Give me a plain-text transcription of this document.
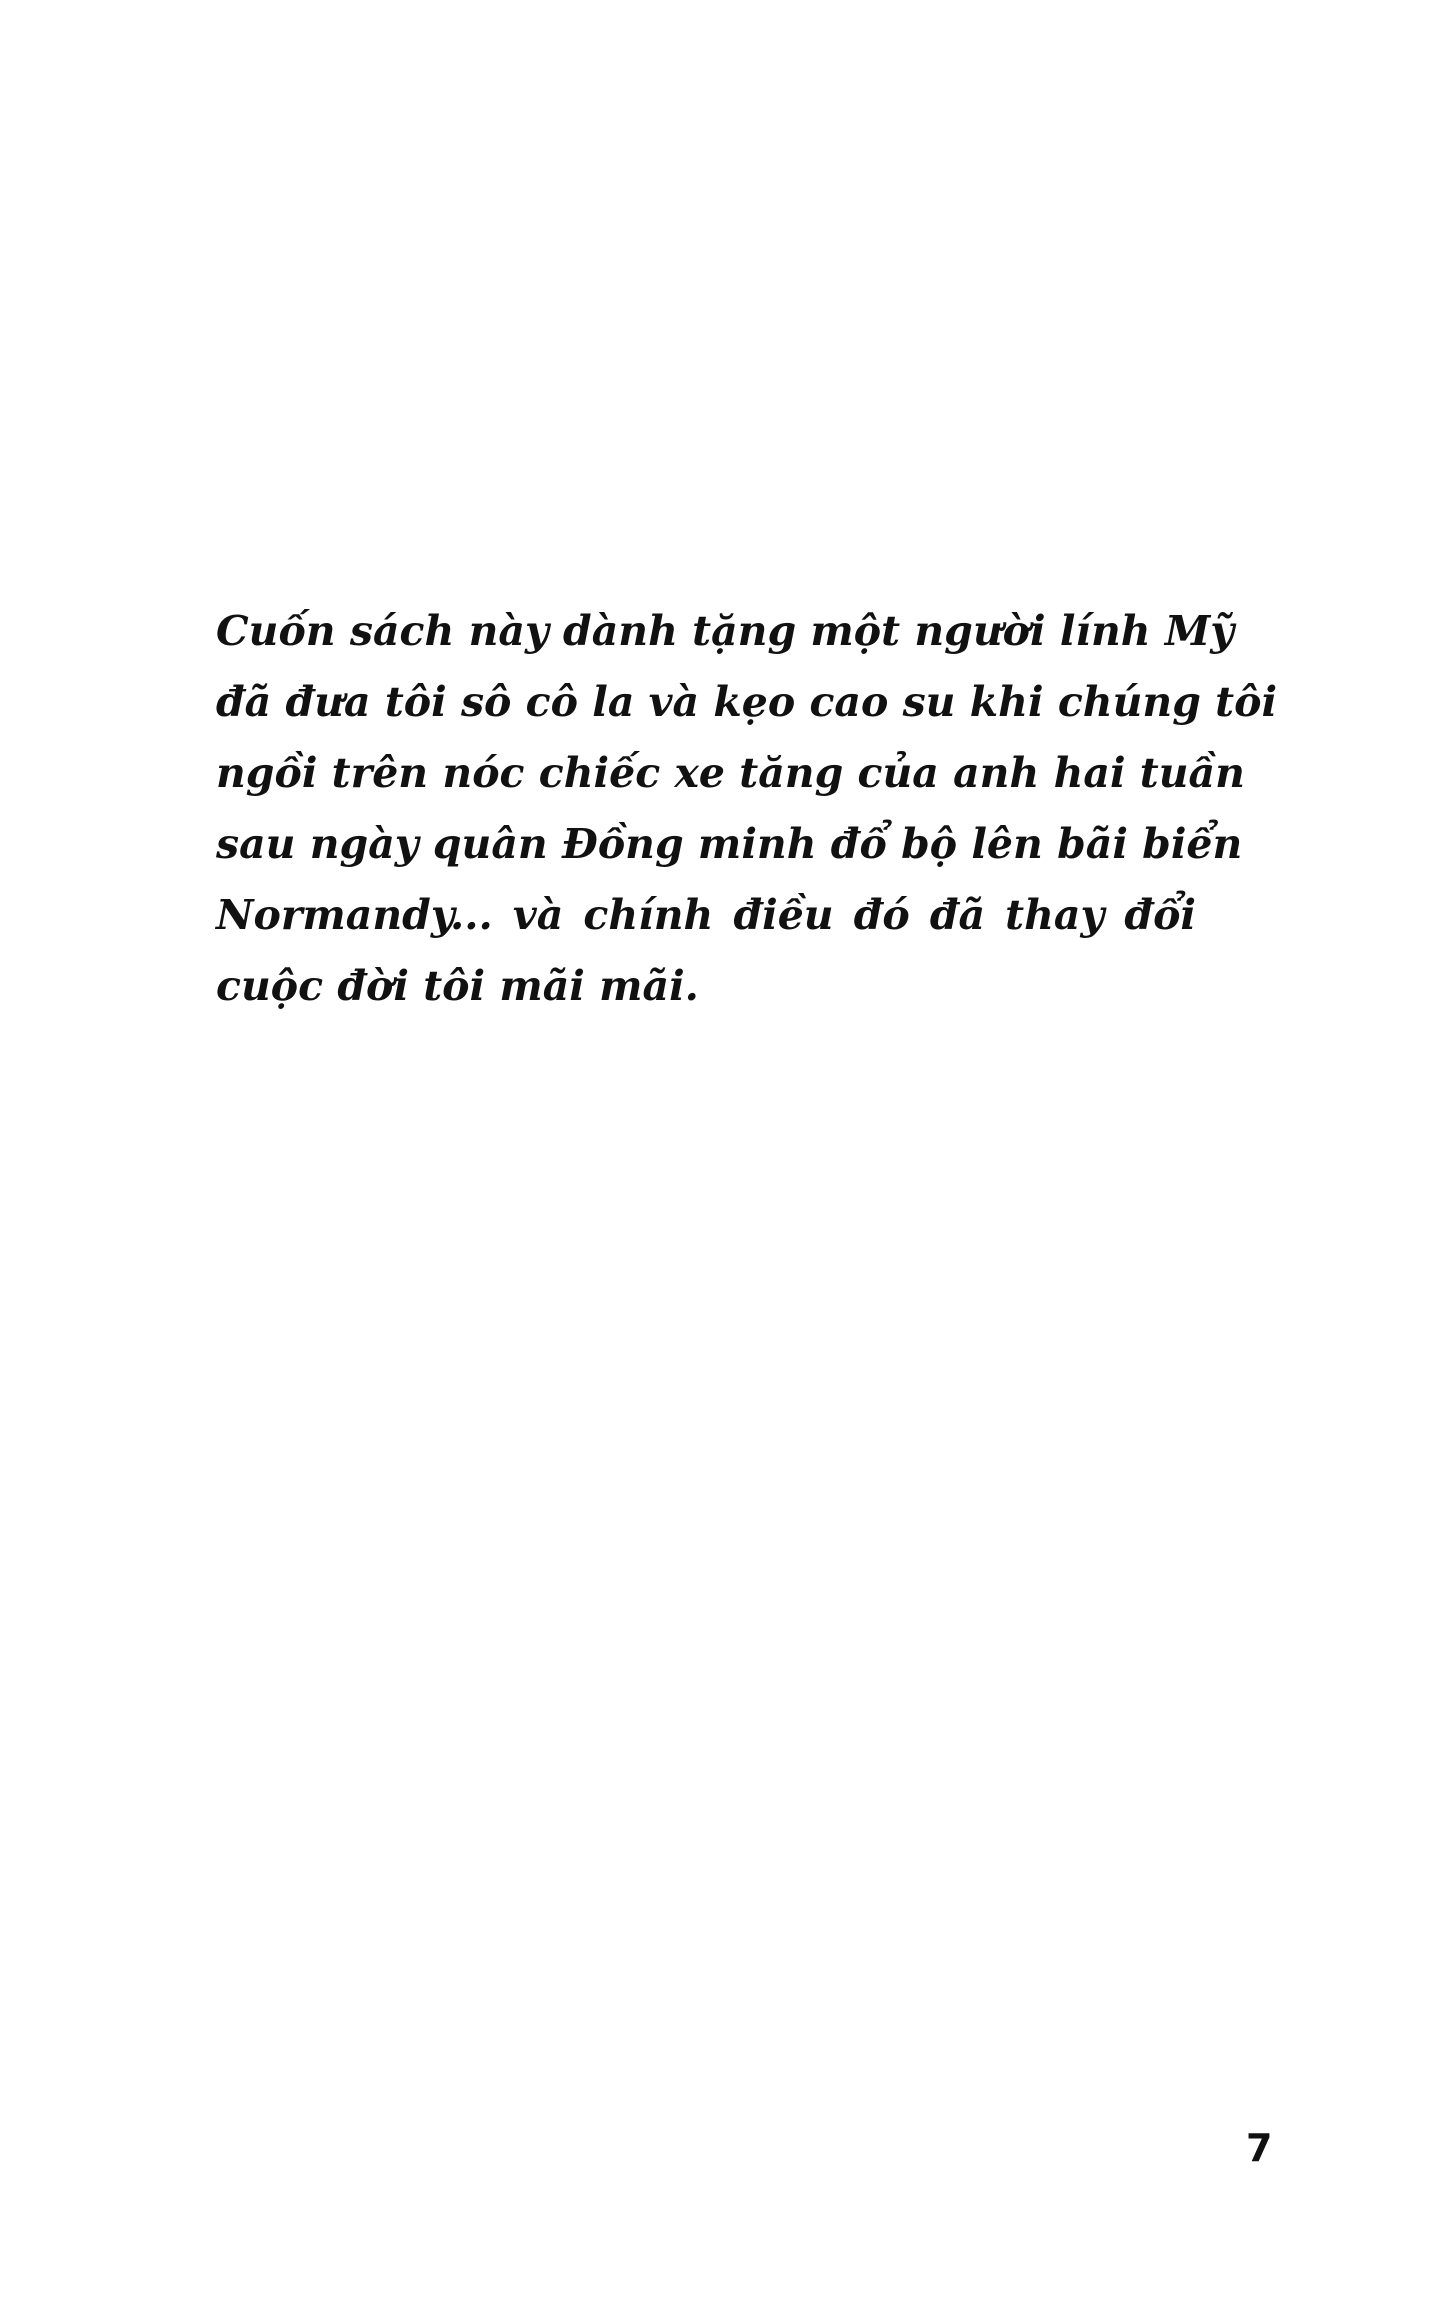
Cuốn sách này dành tặng một người lính Mỹ
đã đưa tôi sô cô la và kẹo cao su khi chúng tôi
ngồi trên nóc chiếc xe tăng của anh hai tuần
sau ngày quân Đồng minh đổ bộ lên bãi biển
Normandy... và chính điều đó đã thay đổi
cuộc đời tôi mãi mãi.
7
